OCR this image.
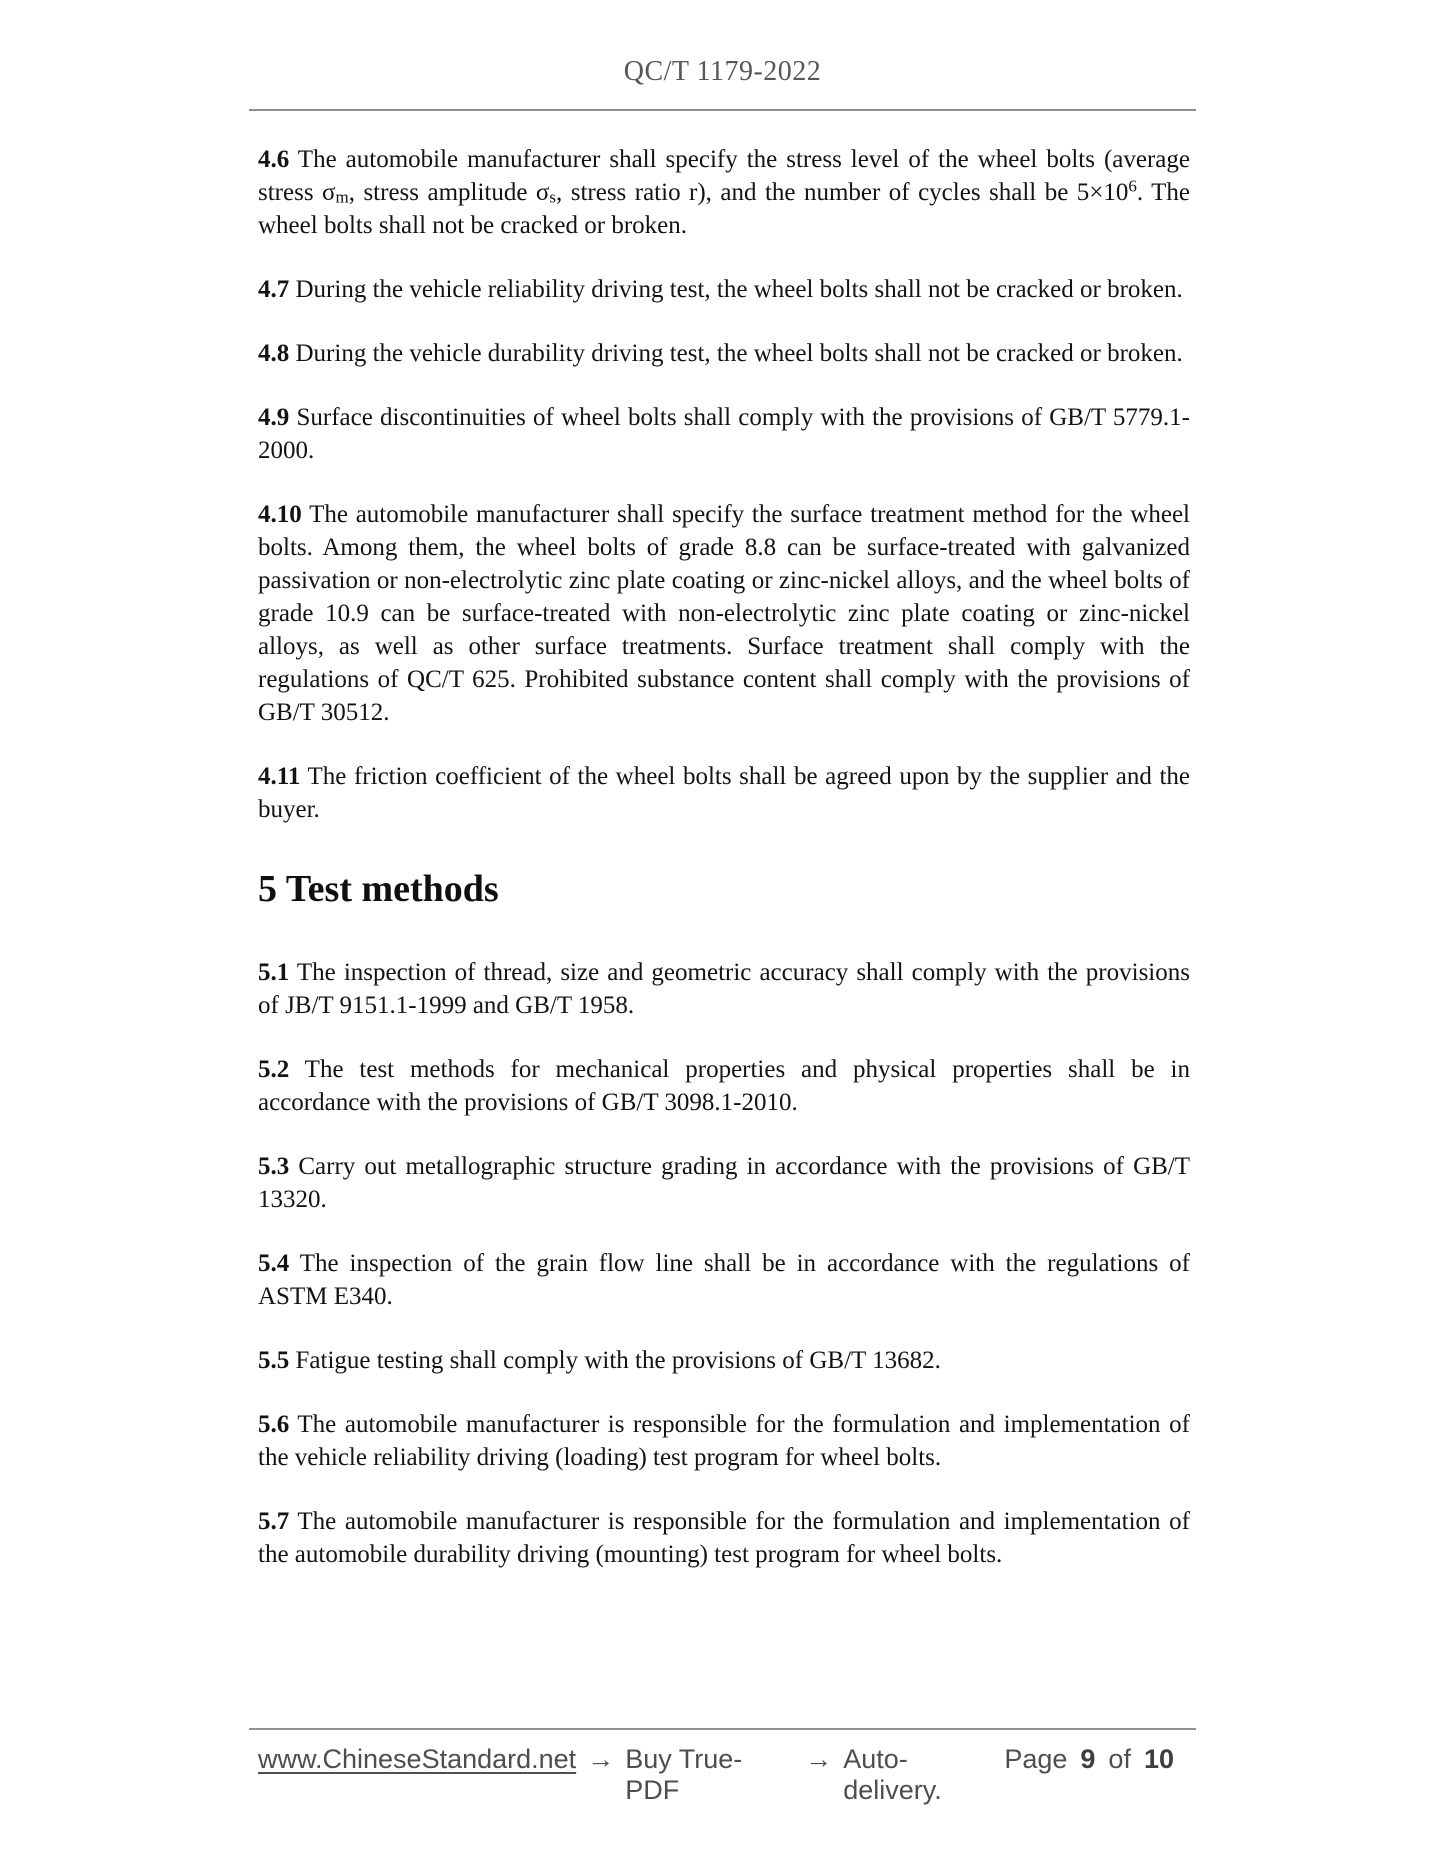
QC/T 1179-2022

4.6 The automobile manufacturer shall specify the stress level of the wheel bolts (average stress $\sigma_m$, stress amplitude $\sigma_s$, stress ratio r), and the number of cycles shall be $5\times 10^6$. The wheel bolts shall not be cracked or broken.

4.7 During the vehicle reliability driving test, the wheel bolts shall not be cracked or broken.

4.8 During the vehicle durability driving test, the wheel bolts shall not be cracked or broken.

4.9 Surface discontinuities of wheel bolts shall comply with the provisions of GB/T 5779.1-2000.

4.10 The automobile manufacturer shall specify the surface treatment method for the wheel bolts. Among them, the wheel bolts of grade 8.8 can be surface-treated with galvanized passivation or non-electrolytic zinc plate coating or zinc-nickel alloys, and the wheel bolts of grade 10.9 can be surface-treated with non-electrolytic zinc plate coating or zinc-nickel alloys, as well as other surface treatments. Surface treatment shall comply with the regulations of QC/T 625. Prohibited substance content shall comply with the provisions of GB/T 30512.

4.11 The friction coefficient of the wheel bolts shall be agreed upon by the supplier and the buyer.

5 Test methods

5.1 The inspection of thread, size and geometric accuracy shall comply with the provisions of JB/T 9151.1-1999 and GB/T 1958.

5.2 The test methods for mechanical properties and physical properties shall be in accordance with the provisions of GB/T 3098.1-2010.

5.3 Carry out metallographic structure grading in accordance with the provisions of GB/T 13320.

5.4 The inspection of the grain flow line shall be in accordance with the regulations of ASTM E340.

5.5 Fatigue testing shall comply with the provisions of GB/T 13682.

5.6 The automobile manufacturer is responsible for the formulation and implementation of the vehicle reliability driving (loading) test program for wheel bolts.

5.7 The automobile manufacturer is responsible for the formulation and implementation of the automobile durability driving (mounting) test program for wheel bolts.

www.ChineseStandard.net → Buy True-PDF
→ Auto-delivery.
Page 9 of 10
